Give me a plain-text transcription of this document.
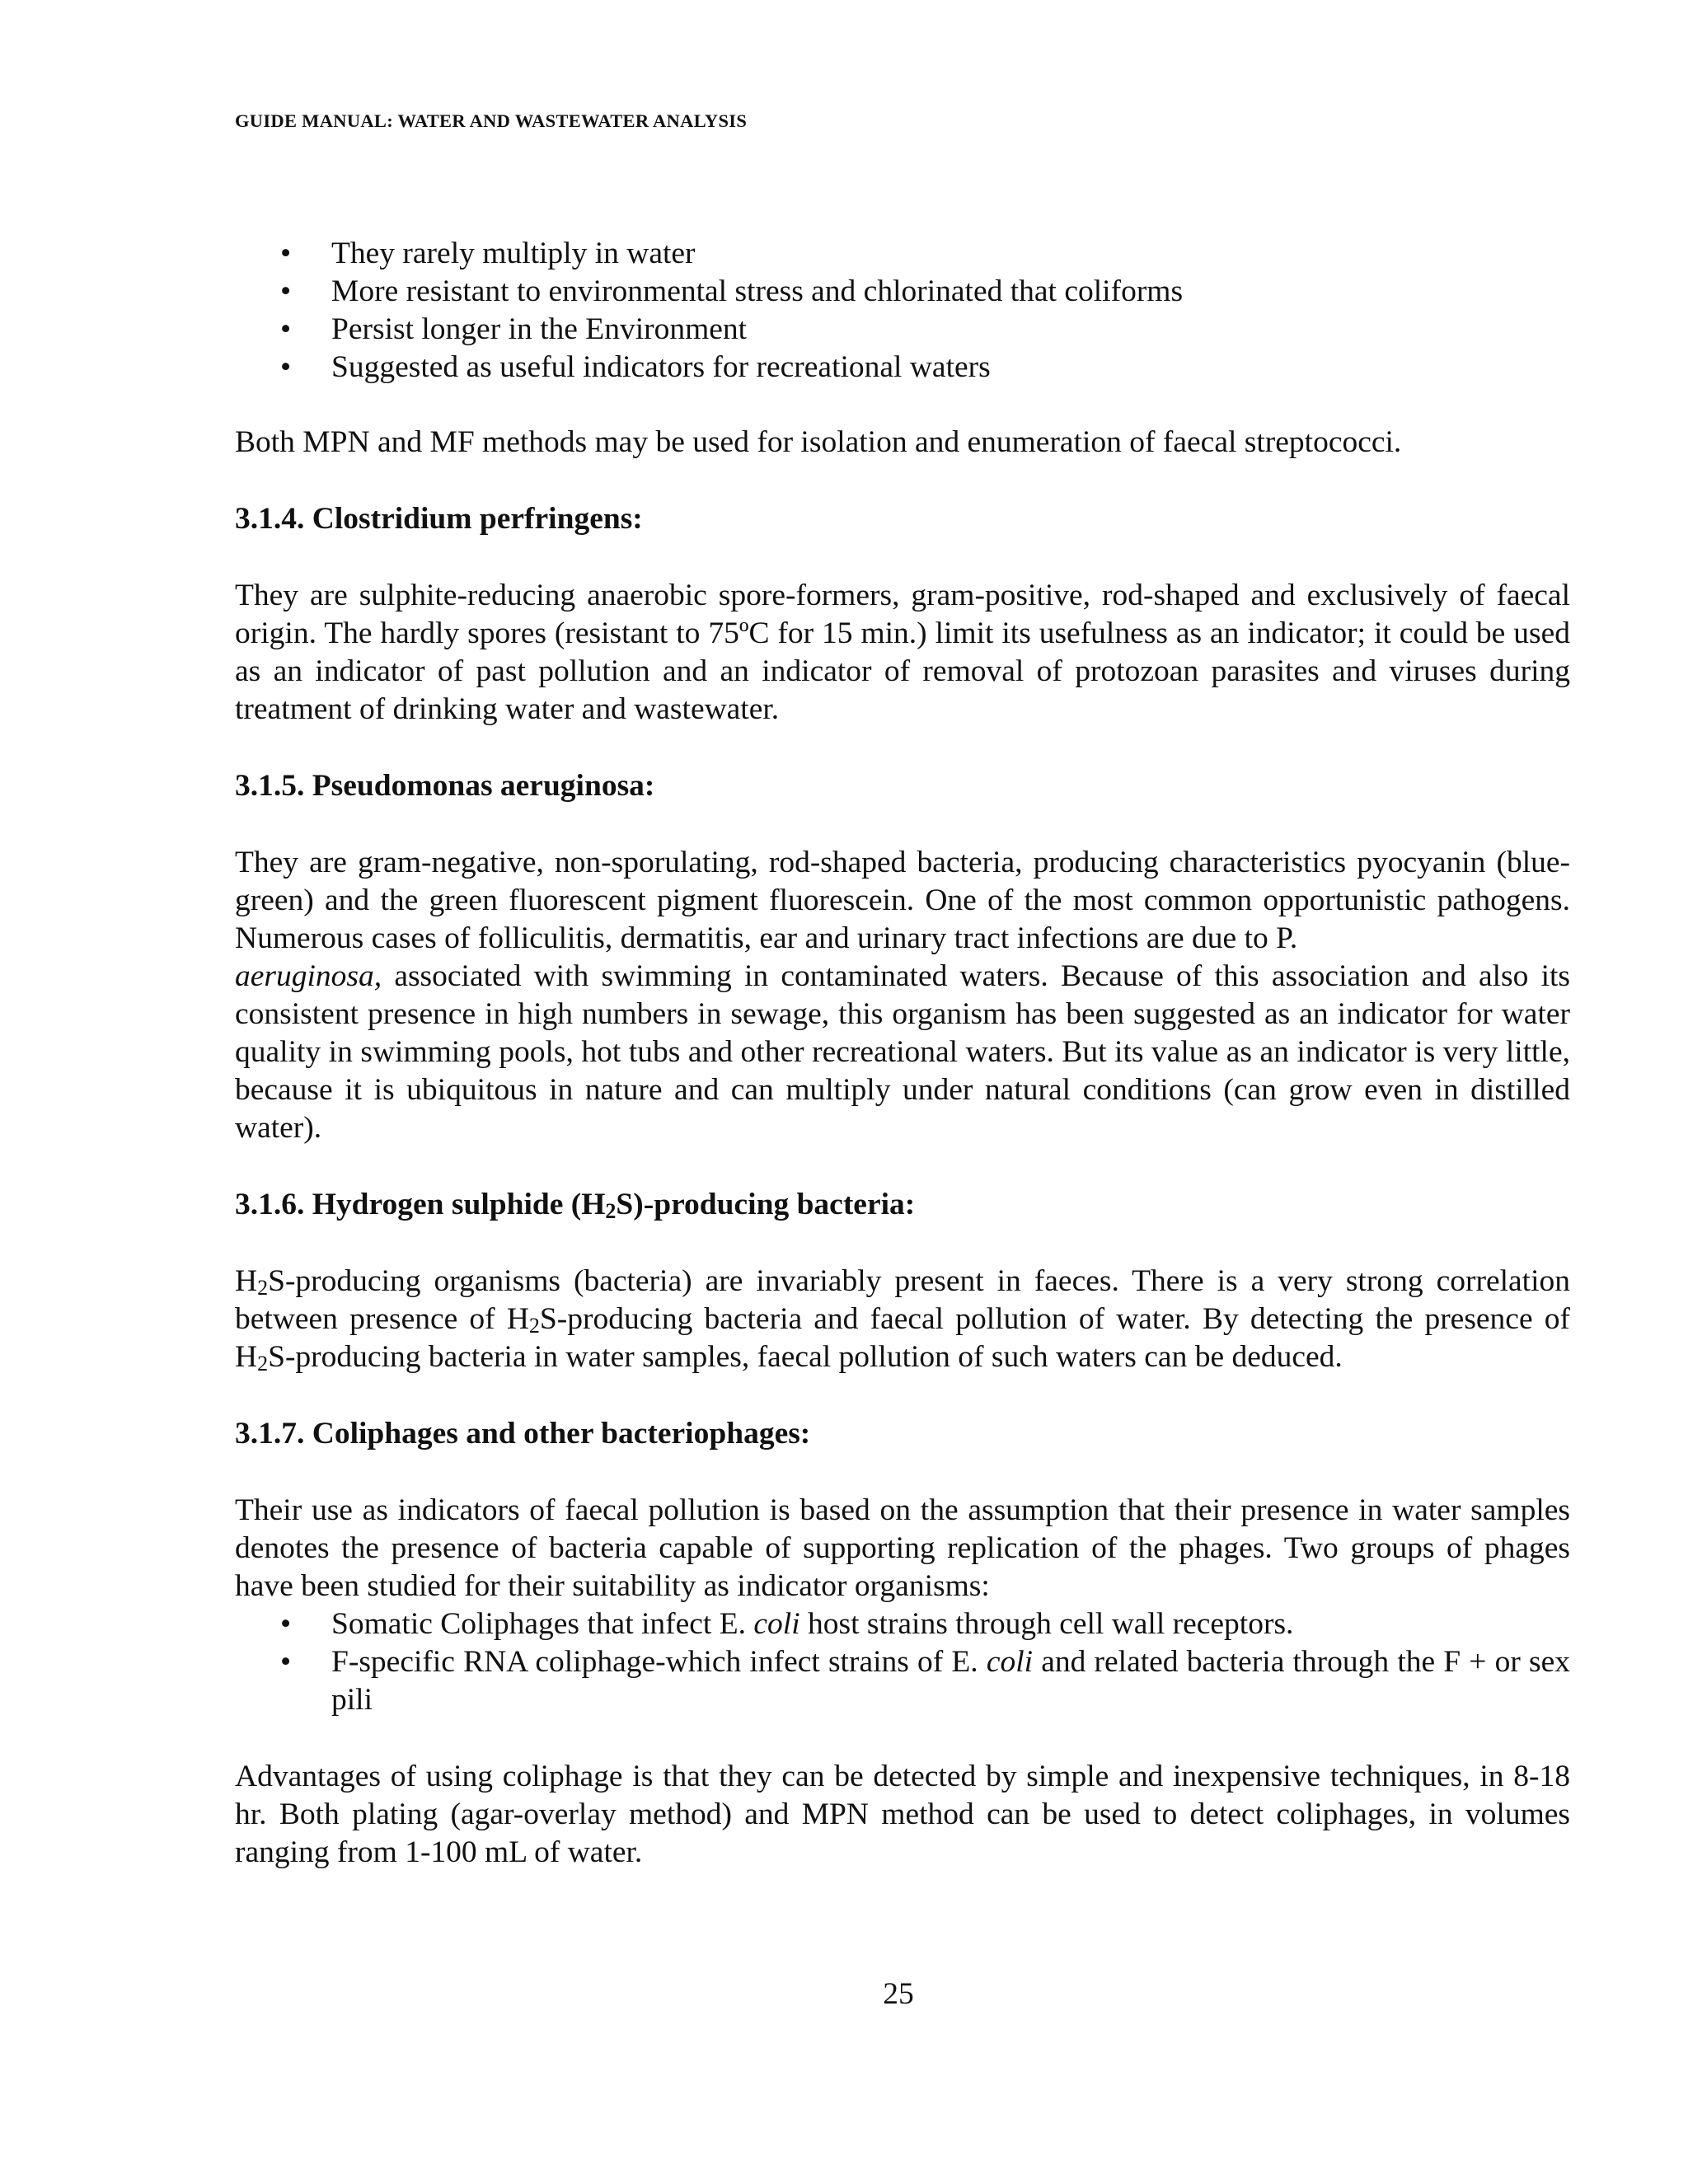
GUIDE MANUAL: WATER AND WASTEWATER ANALYSIS
• They rarely multiply in water
• More resistant to environmental stress and chlorinated that coliforms
• Persist longer in the Environment
• Suggested as useful indicators for recreational waters

Both MPN and MF methods may be used for isolation and enumeration of faecal streptococci.

3.1.4. Clostridium perfringens:

They are sulphite-reducing anaerobic spore-formers, gram-positive, rod-shaped and exclusively of faecal origin. The hardly spores (resistant to 75ºC for 15 min.) limit its usefulness as an indicator; it could be used as an indicator of past pollution and an indicator of removal of protozoan parasites and viruses during treatment of drinking water and wastewater.

3.1.5. Pseudomonas aeruginosa:

They are gram-negative, non-sporulating, rod-shaped bacteria, producing characteristics pyocyanin (blue-green) and the green fluorescent pigment fluorescein. One of the most common opportunistic pathogens. Numerous cases of folliculitis, dermatitis, ear and urinary tract infections are due to P.
aeruginosa, associated with swimming in contaminated waters. Because of this association and also its consistent presence in high numbers in sewage, this organism has been suggested as an indicator for water quality in swimming pools, hot tubs and other recreational waters. But its value as an indicator is very little, because it is ubiquitous in nature and can multiply under natural conditions (can grow even in distilled water).

3.1.6. Hydrogen sulphide $(H_2S)$-producing bacteria:

$H_2S$-producing organisms (bacteria) are invariably present in faeces. There is a very strong correlation between presence of $H_2S$-producing bacteria and faecal pollution of water. By detecting the presence of $H_2S$-producing bacteria in water samples, faecal pollution of such waters can be deduced.

3.1.7. Coliphages and other bacteriophages:

Their use as indicators of faecal pollution is based on the assumption that their presence in water samples denotes the presence of bacteria capable of supporting replication of the phages. Two groups of phages have been studied for their suitability as indicator organisms:

• Somatic Coliphages that infect E. coli host strains through cell wall receptors.
• F-specific RNA coliphage-which infect strains of E. coli and related bacteria through the F + or sex pili

Advantages of using coliphage is that they can be detected by simple and inexpensive techniques, in 8-18 hr. Both plating (agar-overlay method) and MPN method can be used to detect coliphages, in volumes ranging from 1-100 mL of water.

25
